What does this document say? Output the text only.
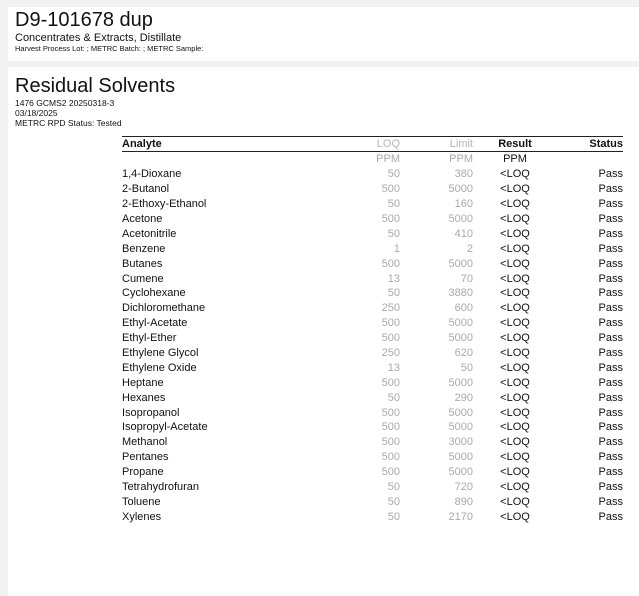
D9-101678 dup
Concentrates & Extracts, Distillate
Harvest Process Lot: ; METRC Batch: ; METRC Sample:
Residual Solvents
1476 GCMS2 20250318-3
03/18/2025
METRC RPD Status: Tested
Analyte	LOQ	Limit	Result	Status
	PPM	PPM	PPM	
1,4-Dioxane	50	380	<LOQ	Pass
2-Butanol	500	5000	<LOQ	Pass
2-Ethoxy-Ethanol	50	160	<LOQ	Pass
Acetone	500	5000	<LOQ	Pass
Acetonitrile	50	410	<LOQ	Pass
Benzene	1	2	<LOQ	Pass
Butanes	500	5000	<LOQ	Pass
Cumene	13	70	<LOQ	Pass
Cyclohexane	50	3880	<LOQ	Pass
Dichloromethane	250	600	<LOQ	Pass
Ethyl-Acetate	500	5000	<LOQ	Pass
Ethyl-Ether	500	5000	<LOQ	Pass
Ethylene Glycol	250	620	<LOQ	Pass
Ethylene Oxide	13	50	<LOQ	Pass
Heptane	500	5000	<LOQ	Pass
Hexanes	50	290	<LOQ	Pass
Isopropanol	500	5000	<LOQ	Pass
Isopropyl-Acetate	500	5000	<LOQ	Pass
Methanol	500	3000	<LOQ	Pass
Pentanes	500	5000	<LOQ	Pass
Propane	500	5000	<LOQ	Pass
Tetrahydrofuran	50	720	<LOQ	Pass
Toluene	50	890	<LOQ	Pass
Xylenes	50	2170	<LOQ	Pass
